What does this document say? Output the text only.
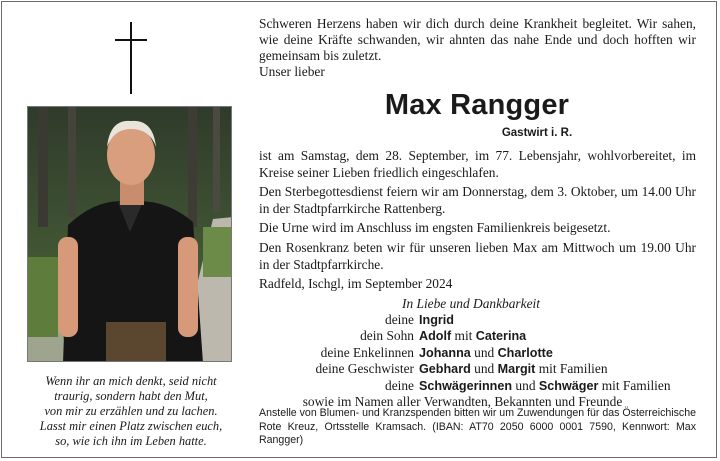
Wenn ihr an mich denkt, seid nicht
traurig, sondern habt den Mut,
von mir zu erzählen und zu lachen.
Lasst mir einen Platz zwischen euch,
so, wie ich ihn im Leben hatte.
Schweren Herzens haben wir dich durch deine Krankheit begleitet. Wir sahen, wie deine Kräfte schwanden, wir ahnten das nahe Ende und doch hofften wir gemeinsam bis zuletzt.
Unser lieber
Max Rangger
Gastwirt i. R.
ist am Samstag, dem 28. September, im 77. Lebensjahr, wohlvorbereitet, im Kreise seiner Lieben friedlich eingeschlafen.
Den Sterbegottesdienst feiern wir am Donnerstag, dem 3. Oktober, um 14.00 Uhr in der Stadtpfarrkirche Rattenberg.
Die Urne wird im Anschluss im engsten Familienkreis beigesetzt.
Den Rosenkranz beten wir für unseren lieben Max am Mittwoch um 19.00 Uhr in der Stadtpfarrkirche.
Radfeld, Ischgl, im September 2024
In Liebe und Dankbarkeit
deine Ingrid
dein Sohn Adolf mit Caterina
deine Enkelinnen Johanna und Charlotte
deine Geschwister Gebhard und Margit mit Familien
deine Schwägerinnen und Schwäger mit Familien
sowie im Namen aller Verwandten, Bekannten und Freunde
Anstelle von Blumen- und Kranzspenden bitten wir um Zuwendungen für das Österreichische Rote Kreuz, Ortsstelle Kramsach. (IBAN: AT70 2050 6000 0001 7590, Kennwort: Max Rangger)
